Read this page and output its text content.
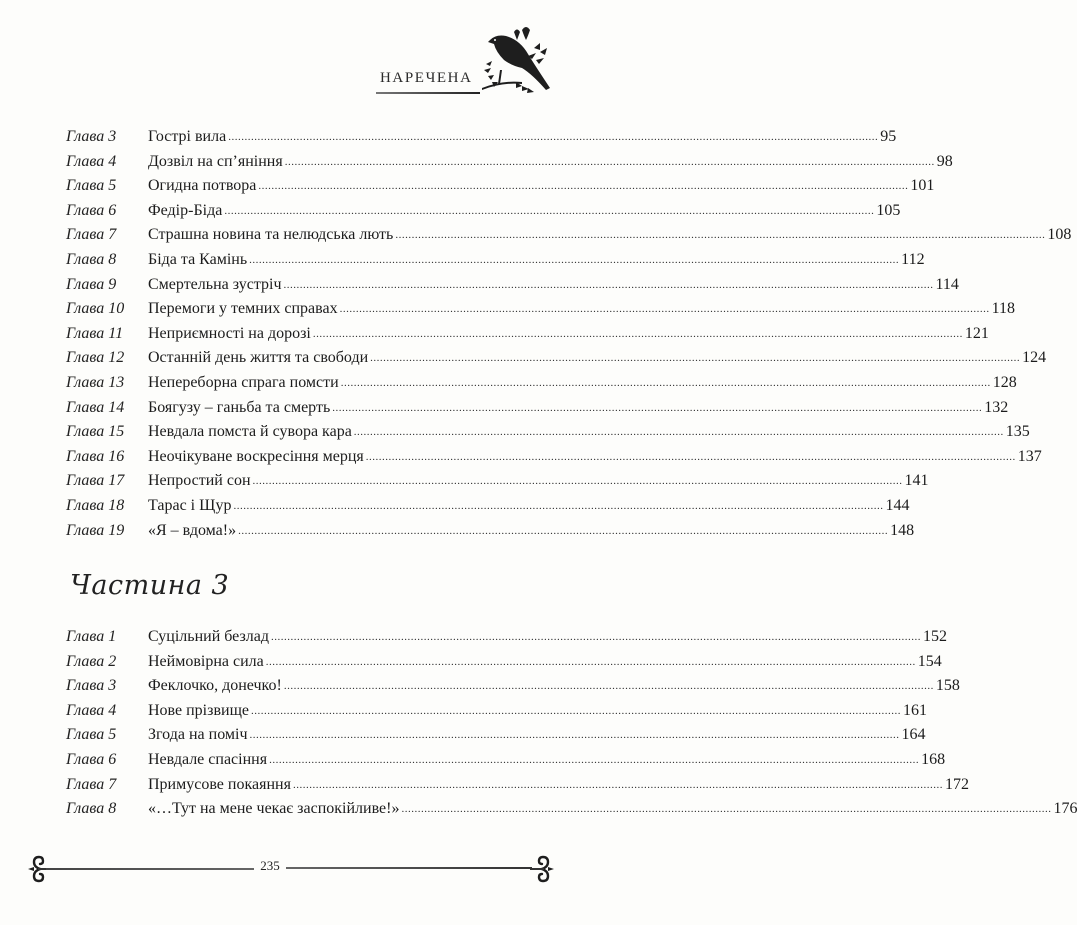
НАРЕЧЕНА
Глава 3	Гострі вила ........................................................................................................................................................................................................ 95
Глава 4	Дозвіл на сп’яніння ........................................................................................................................................................................................................ 98
Глава 5	Огидна потвора ........................................................................................................................................................................................................ 101
Глава 6	Федір-Біда ........................................................................................................................................................................................................ 105
Глава 7	Страшна новина та нелюдська лють ........................................................................................................................................................................................................ 108
Глава 8	Біда та Камінь ........................................................................................................................................................................................................ 112
Глава 9	Смертельна зустріч ........................................................................................................................................................................................................ 114
Глава 10	Перемоги у темних справах ........................................................................................................................................................................................................ 118
Глава 11	Неприємності на дорозі ........................................................................................................................................................................................................ 121
Глава 12	Останній день життя та свободи ........................................................................................................................................................................................................ 124
Глава 13	Непереборна спрага помсти ........................................................................................................................................................................................................ 128
Глава 14	Боягузу – ганьба та смерть ........................................................................................................................................................................................................ 132
Глава 15	Невдала помста й сувора кара ........................................................................................................................................................................................................ 135
Глава 16	Неочікуване воскресіння мерця ........................................................................................................................................................................................................ 137
Глава 17	Непростий сон ........................................................................................................................................................................................................ 141
Глава 18	Тарас і Щур ........................................................................................................................................................................................................ 144
Глава 19	«Я – вдома!» ........................................................................................................................................................................................................ 148
Частина 3
Глава 1	Суцільний безлад ........................................................................................................................................................................................................ 152
Глава 2	Неймовірна сила ........................................................................................................................................................................................................ 154
Глава 3	Феклочко, донечко! ........................................................................................................................................................................................................ 158
Глава 4	Нове прізвище ........................................................................................................................................................................................................ 161
Глава 5	Згода на поміч ........................................................................................................................................................................................................ 164
Глава 6	Невдале спасіння ........................................................................................................................................................................................................ 168
Глава 7	Примусове покаяння ........................................................................................................................................................................................................ 172
Глава 8	«…Тут на мене чекає заспокійливе!» ........................................................................................................................................................................................................ 176
235
